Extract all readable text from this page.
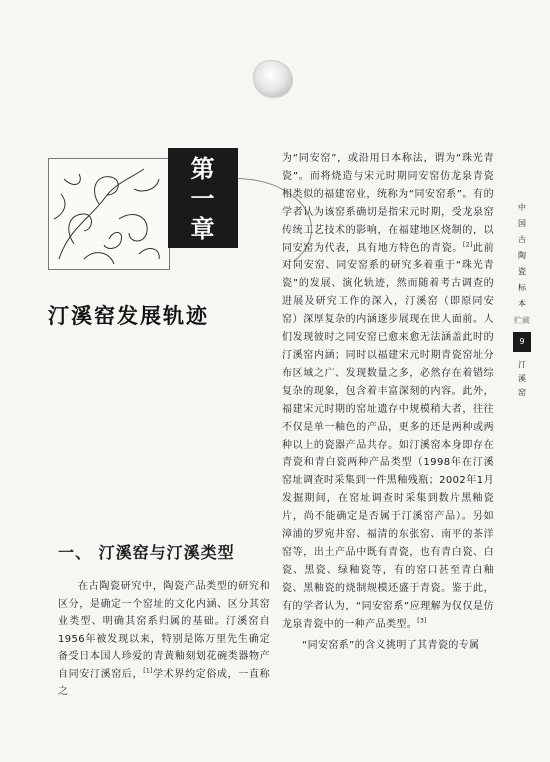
第
一
章
汀溪窑发展轨迹
一、 汀溪窑与汀溪类型
在古陶瓷研究中，陶瓷产品类型的研究和区分，是确定一个窑址的文化内涵、区分其窑业类型、明确其窑系归属的基础。汀溪窑自1956年被发现以来，特别是陈万里先生确定备受日本国人珍爱的青黄釉刻划花碗类器物产自同安汀溪窑后，[1]学术界约定俗成，一直称之

为“同安窑”，或沿用日本称法，谓为“珠光青瓷”。而将烧造与宋元时期同安窑仿龙泉青瓷相类似的福建窑业，统称为“同安窑系”。有的学者认为该窑系确切是指宋元时期，受龙泉窑传统工艺技术的影响，在福建地区烧制的，以同安窑为代表，具有地方特色的青瓷。[2]此前对同安窑、同安窑系的研究多着重于“珠光青瓷”的发展、演化轨迹，然而随着考古调查的进展及研究工作的深入，汀溪窑（即原同安窑）深厚复杂的内涵逐步展现在世人面前。人们发现彼时之同安窑已愈来愈无法涵盖此时的汀溪窑内涵；同时以福建宋元时期青瓷窑址分布区域之广、发现数量之多，必然存在着错综复杂的现象，包含着丰富深刻的内容。此外，福建宋元时期的窑址遗存中规模稍大者，往往不仅是单一釉色的产品，更多的还是两种或两种以上的瓷器产品共存。如汀溪窑本身即存在青瓷和青白瓷两种产品类型（1998年在汀溪窑址调查时采集到一件黑釉残瓶；2002年1月发掘期间，在窑址调查时采集到数片黑釉瓷片，尚不能确定是否属于汀溪窑产品）。另如漳浦的罗宛井窑、福清的东张窑、南平的茶洋窑等，出土产品中既有青瓷，也有青白瓷、白瓷、黑瓷、绿釉瓷等，有的窑口甚至青白釉瓷、黑釉瓷的烧制规模还盛于青瓷。鉴于此，有的学者认为，“同安窑系”应理解为仅仅是仿龙泉青瓷中的一种产品类型。[3]

“同安窑系”的含义挑明了其青瓷的专属

中
国
古
陶
瓷
标
本
贮藏
9
汀
溪
窑
